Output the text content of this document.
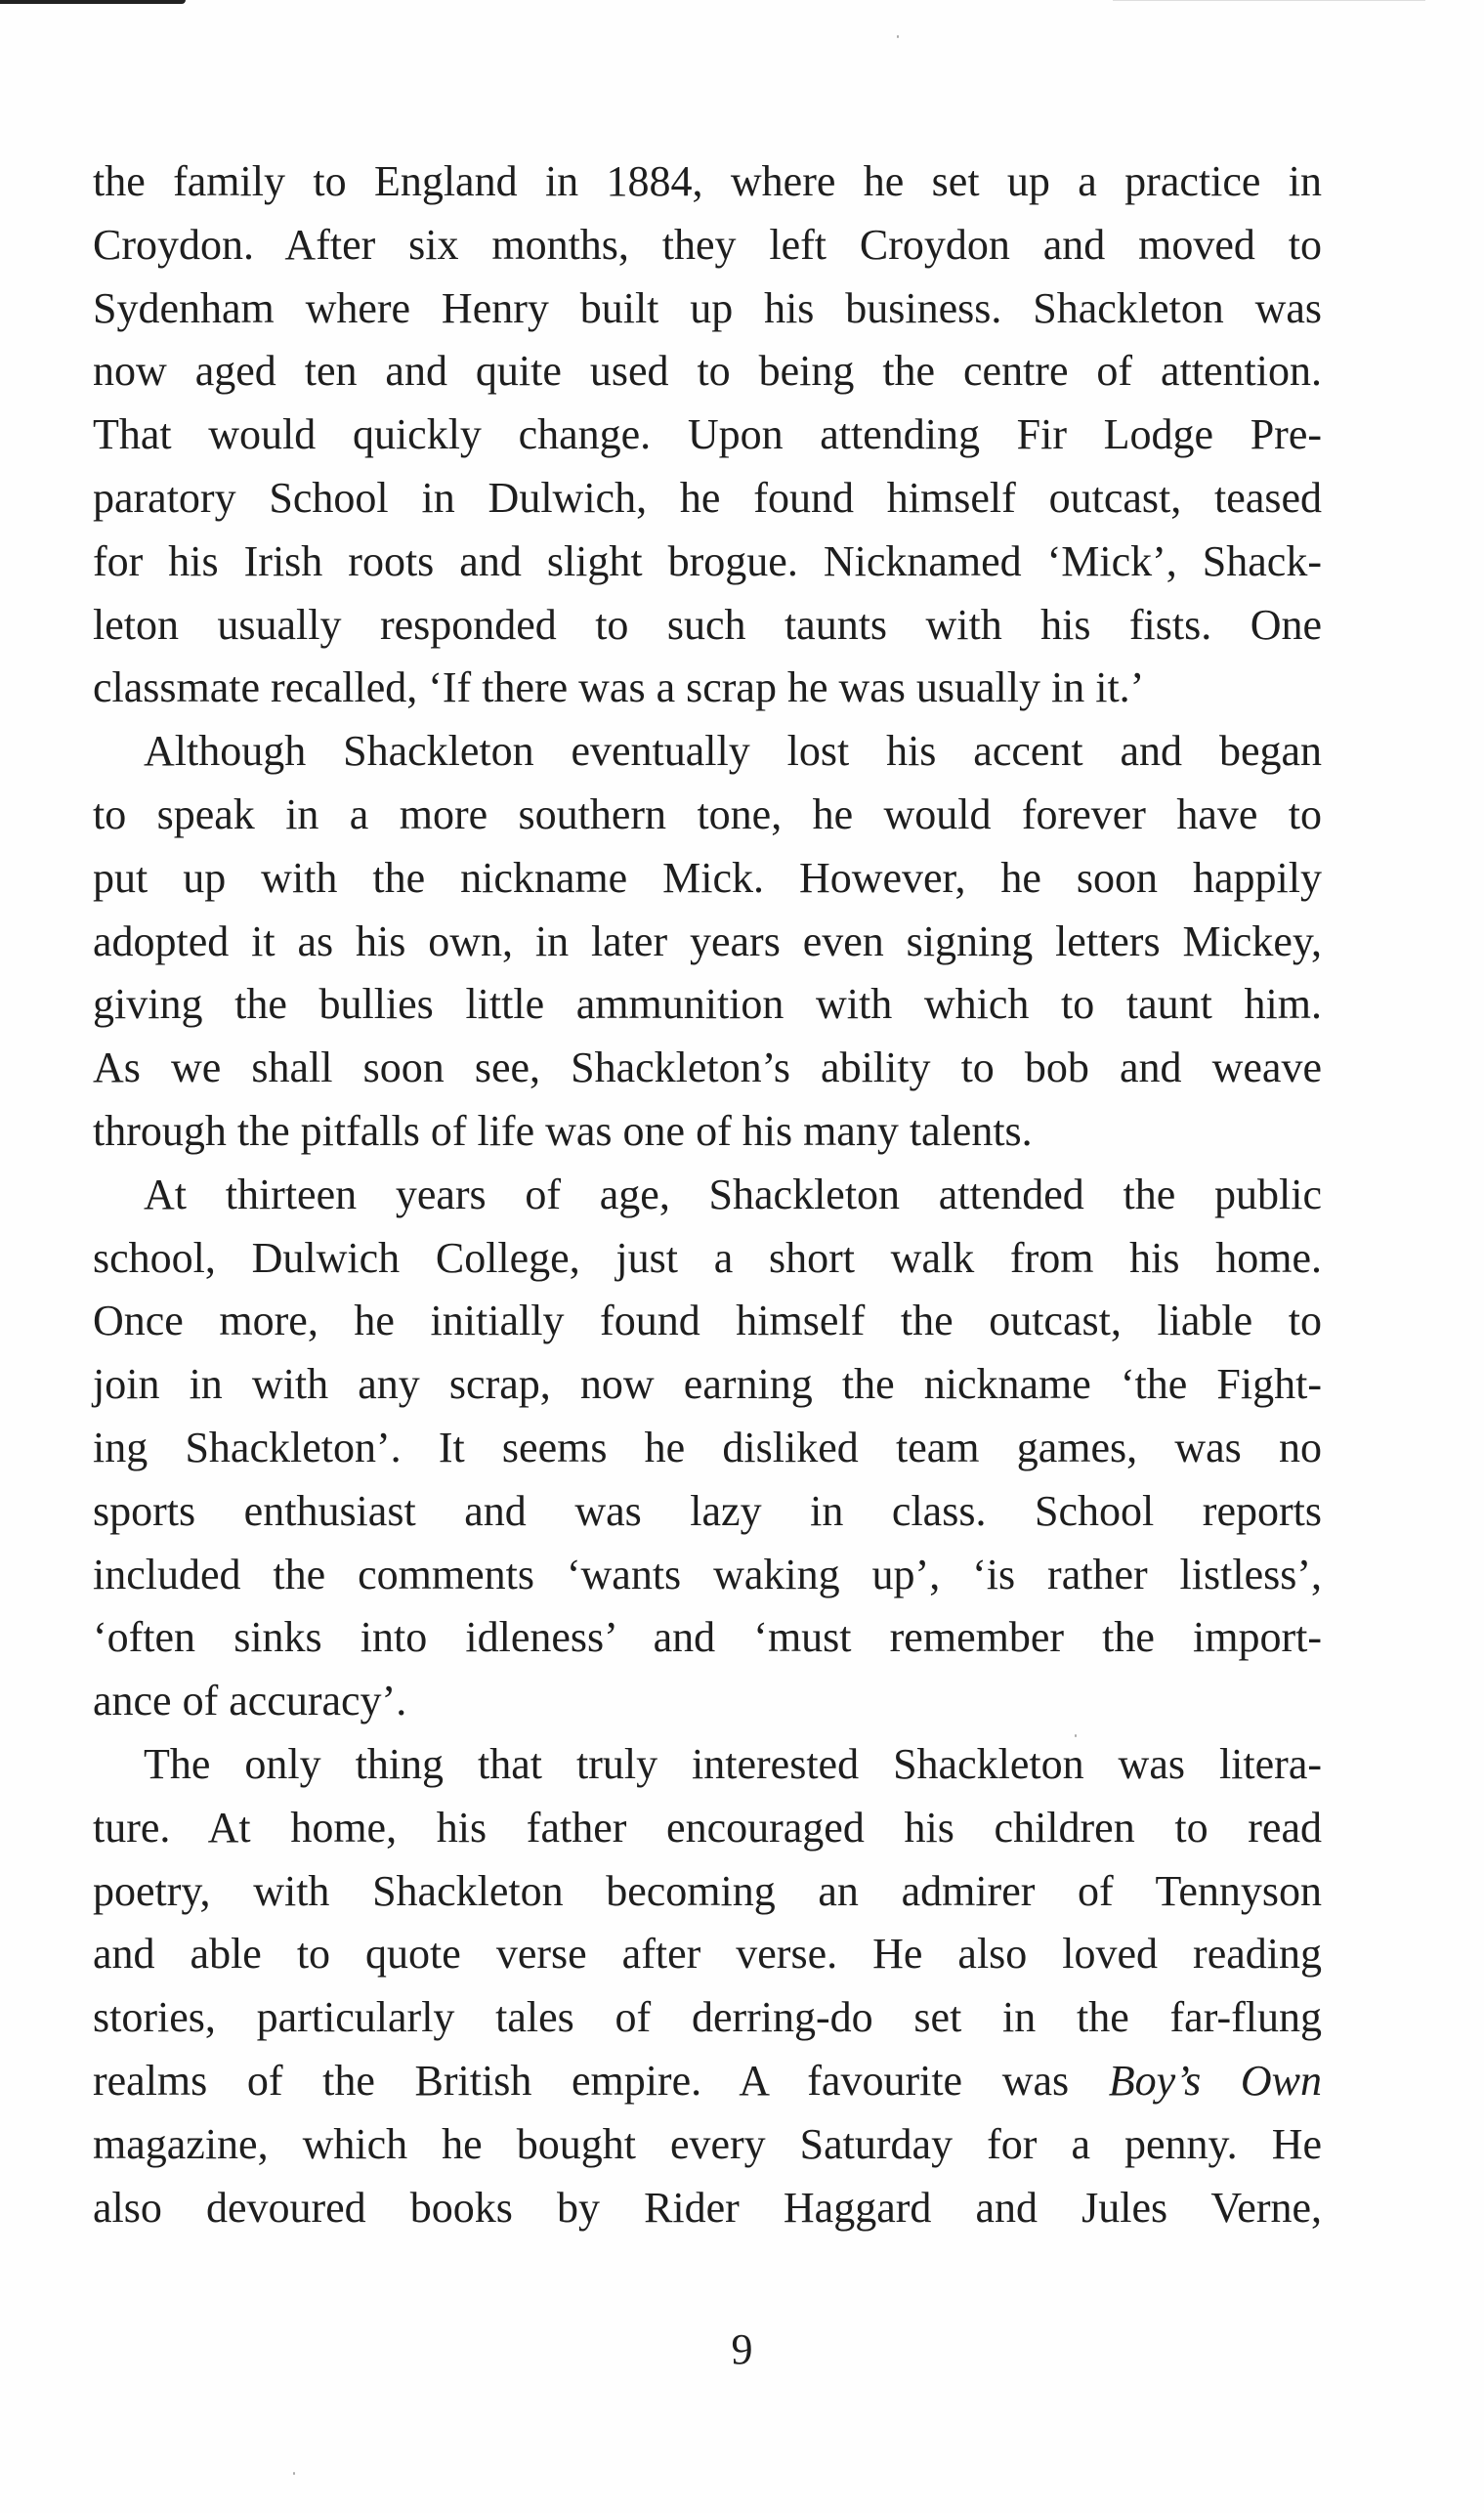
the family to England in 1884, where he set up a practice in
Croydon. After six months, they left Croydon and moved to
Sydenham where Henry built up his business. Shackleton was
now aged ten and quite used to being the centre of attention.
That would quickly change. Upon attending Fir Lodge Pre-
paratory School in Dulwich, he found himself outcast, teased
for his Irish roots and slight brogue. Nicknamed ‘Mick’, Shack-
leton usually responded to such taunts with his fists. One
classmate recalled, ‘If there was a scrap he was usually in it.’
Although Shackleton eventually lost his accent and began
to speak in a more southern tone, he would forever have to
put up with the nickname Mick. However, he soon happily
adopted it as his own, in later years even signing letters Mickey,
giving the bullies little ammunition with which to taunt him.
As we shall soon see, Shackleton’s ability to bob and weave
through the pitfalls of life was one of his many talents.
At thirteen years of age, Shackleton attended the public
school, Dulwich College, just a short walk from his home.
Once more, he initially found himself the outcast, liable to
join in with any scrap, now earning the nickname ‘the Fight-
ing Shackleton’. It seems he disliked team games, was no
sports enthusiast and was lazy in class. School reports
included the comments ‘wants waking up’, ‘is rather listless’,
‘often sinks into idleness’ and ‘must remember the import-
ance of accuracy’.
The only thing that truly interested Shackleton was litera-
ture. At home, his father encouraged his children to read
poetry, with Shackleton becoming an admirer of Tennyson
and able to quote verse after verse. He also loved reading
stories, particularly tales of derring-do set in the far-flung
realms of the British empire. A favourite was Boy’s Own
magazine, which he bought every Saturday for a penny. He
also devoured books by Rider Haggard and Jules Verne,
9
